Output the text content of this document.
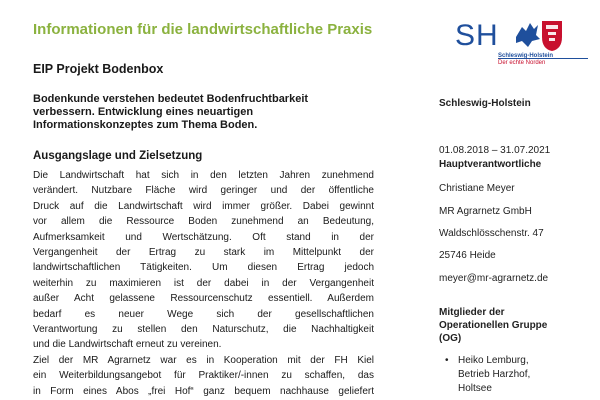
Informationen für die landwirtschaftliche Praxis
EIP Projekt Bodenbox
Bodenkunde verstehen bedeutet Bodenfruchtbarkeit
verbessern. Entwicklung eines neuartigen
Informationskonzeptes zum Thema Boden.
Ausgangslage und Zielsetzung
Die Landwirtschaft hat sich in den letzten Jahren zunehmend
verändert. Nutzbare Fläche wird geringer und der öffentliche
Druck auf die Landwirtschaft wird immer größer. Dabei gewinnt
vor allem die Ressource Boden zunehmend an Bedeutung,
Aufmerksamkeit und Wertschätzung. Oft stand in der
Vergangenheit der Ertrag zu stark im Mittelpunkt der
landwirtschaftlichen Tätigkeiten. Um diesen Ertrag jedoch
weiterhin zu maximieren ist der dabei in der Vergangenheit
außer Acht gelassene Ressourcenschutz essentiell. Außerdem
bedarf es neuer Wege sich der gesellschaftlichen
Verantwortung zu stellen den Naturschutz, die Nachhaltigkeit
und die Landwirtschaft erneut zu vereinen.
Ziel der MR Agrarnetz war es in Kooperation mit der FH Kiel
ein Weiterbildungsangebot für Praktiker/-innen zu schaffen, das
in Form eines Abos „frei Hof“ ganz bequem nachhause geliefert
SH
Schleswig-Holstein
Der echte Norden
Schleswig-Holstein
01.08.2018 – 31.07.2021
Hauptverantwortliche
Christiane Meyer
MR Agrarnetz GmbH
Waldschlösschenstr. 47
25746 Heide
meyer@mr-agrarnetz.de
Mitglieder der
Operationellen Gruppe
(OG)
• Heiko Lemburg,
Betrieb Harzhof,
Holtsee
